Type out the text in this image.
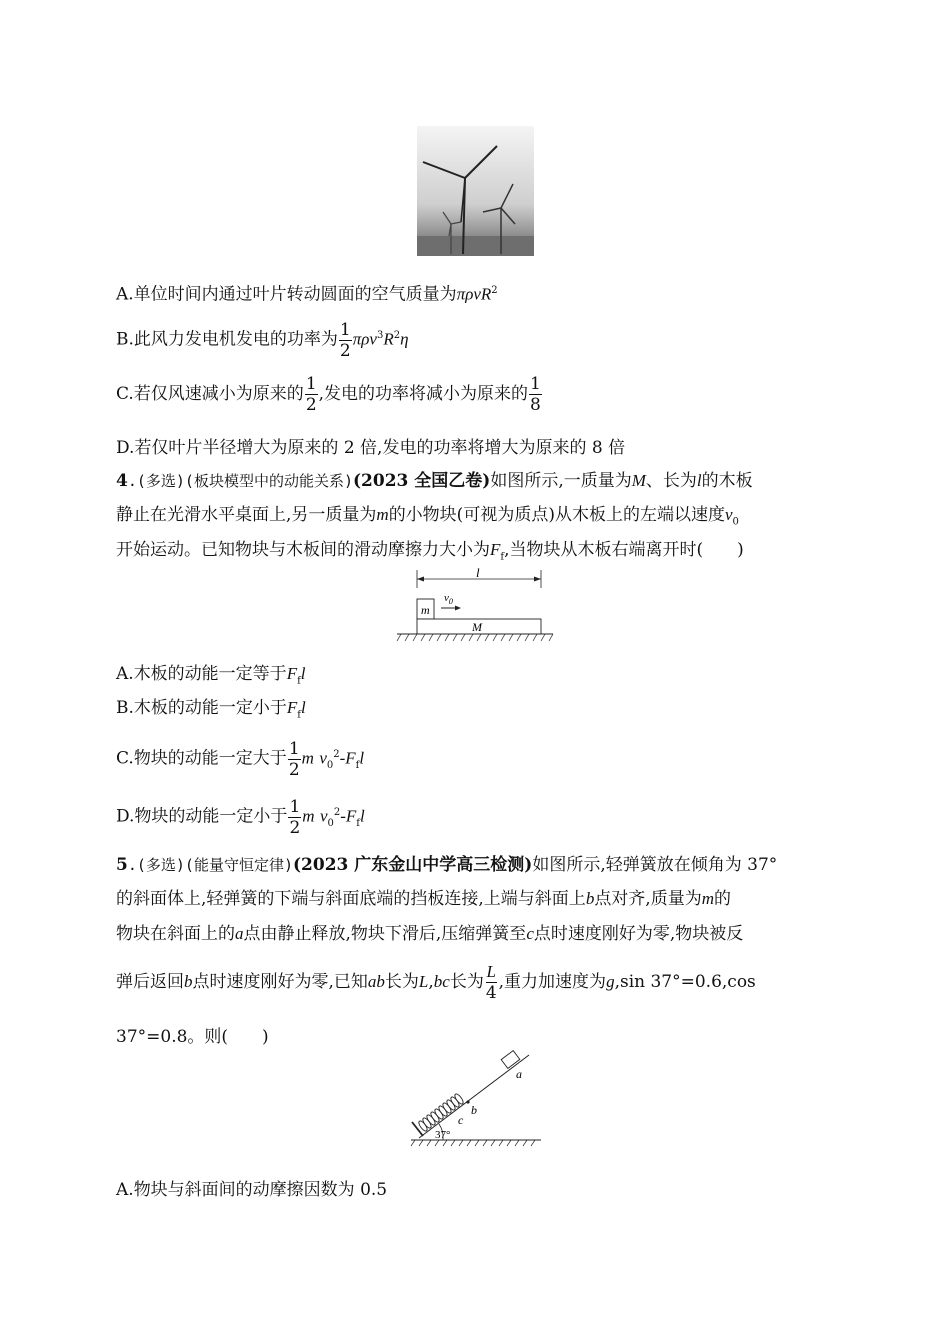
A.单位时间内通过叶片转动圆面的空气质量为πρvR$^2$
B.此风力发电机发电的功率为 $\frac{1}{2} \pi\rho v^3R^2\eta$
C.若仅风速减小为原来的 $\frac{1}{2}$ ,发电的功率将减小为原来的 $\frac{1}{8}$
D.若仅叶片半径增大为原来的 2 倍,发电的功率将增大为原来的 8 倍
4.(多选)(板块模型中的动能关系)(2023 全国乙卷)如图所示,一质量为M、长为l的木板
静止在光滑水平桌面上,另一质量为m的小物块(可视为质点)从木板上的左端以速度$v_0$
开始运动。已知物块与木板间的滑动摩擦力大小为$F_f$,当物块从木板右端离开时(　　)
l
m
$v_0$
M
A.木板的动能一定等于$F_fl$
B.木板的动能一定小于$F_fl$
C.物块的动能一定大于 $\frac{1}{2}$ m $v_0^2-F_fl$
D.物块的动能一定小于 $\frac{1}{2}$ m $v_0^2-F_fl$
5.(多选)(能量守恒定律)(2023 广东金山中学高三检测)如图所示,轻弹簧放在倾角为 37°
的斜面体上,轻弹簧的下端与斜面底端的挡板连接,上端与斜面上b点对齐,质量为m的
物块在斜面上的a点由静止释放,物块下滑后,压缩弹簧至c点时速度刚好为零,物块被反
弹后返回b点时速度刚好为零,已知ab长为L,bc长为 $\frac{L}{4}$ ,重力加速度为g,sin 37°=0.6,cos
37°=0.8。则(　　)
b
c
a
37°
A.物块与斜面间的动摩擦因数为 0.5
